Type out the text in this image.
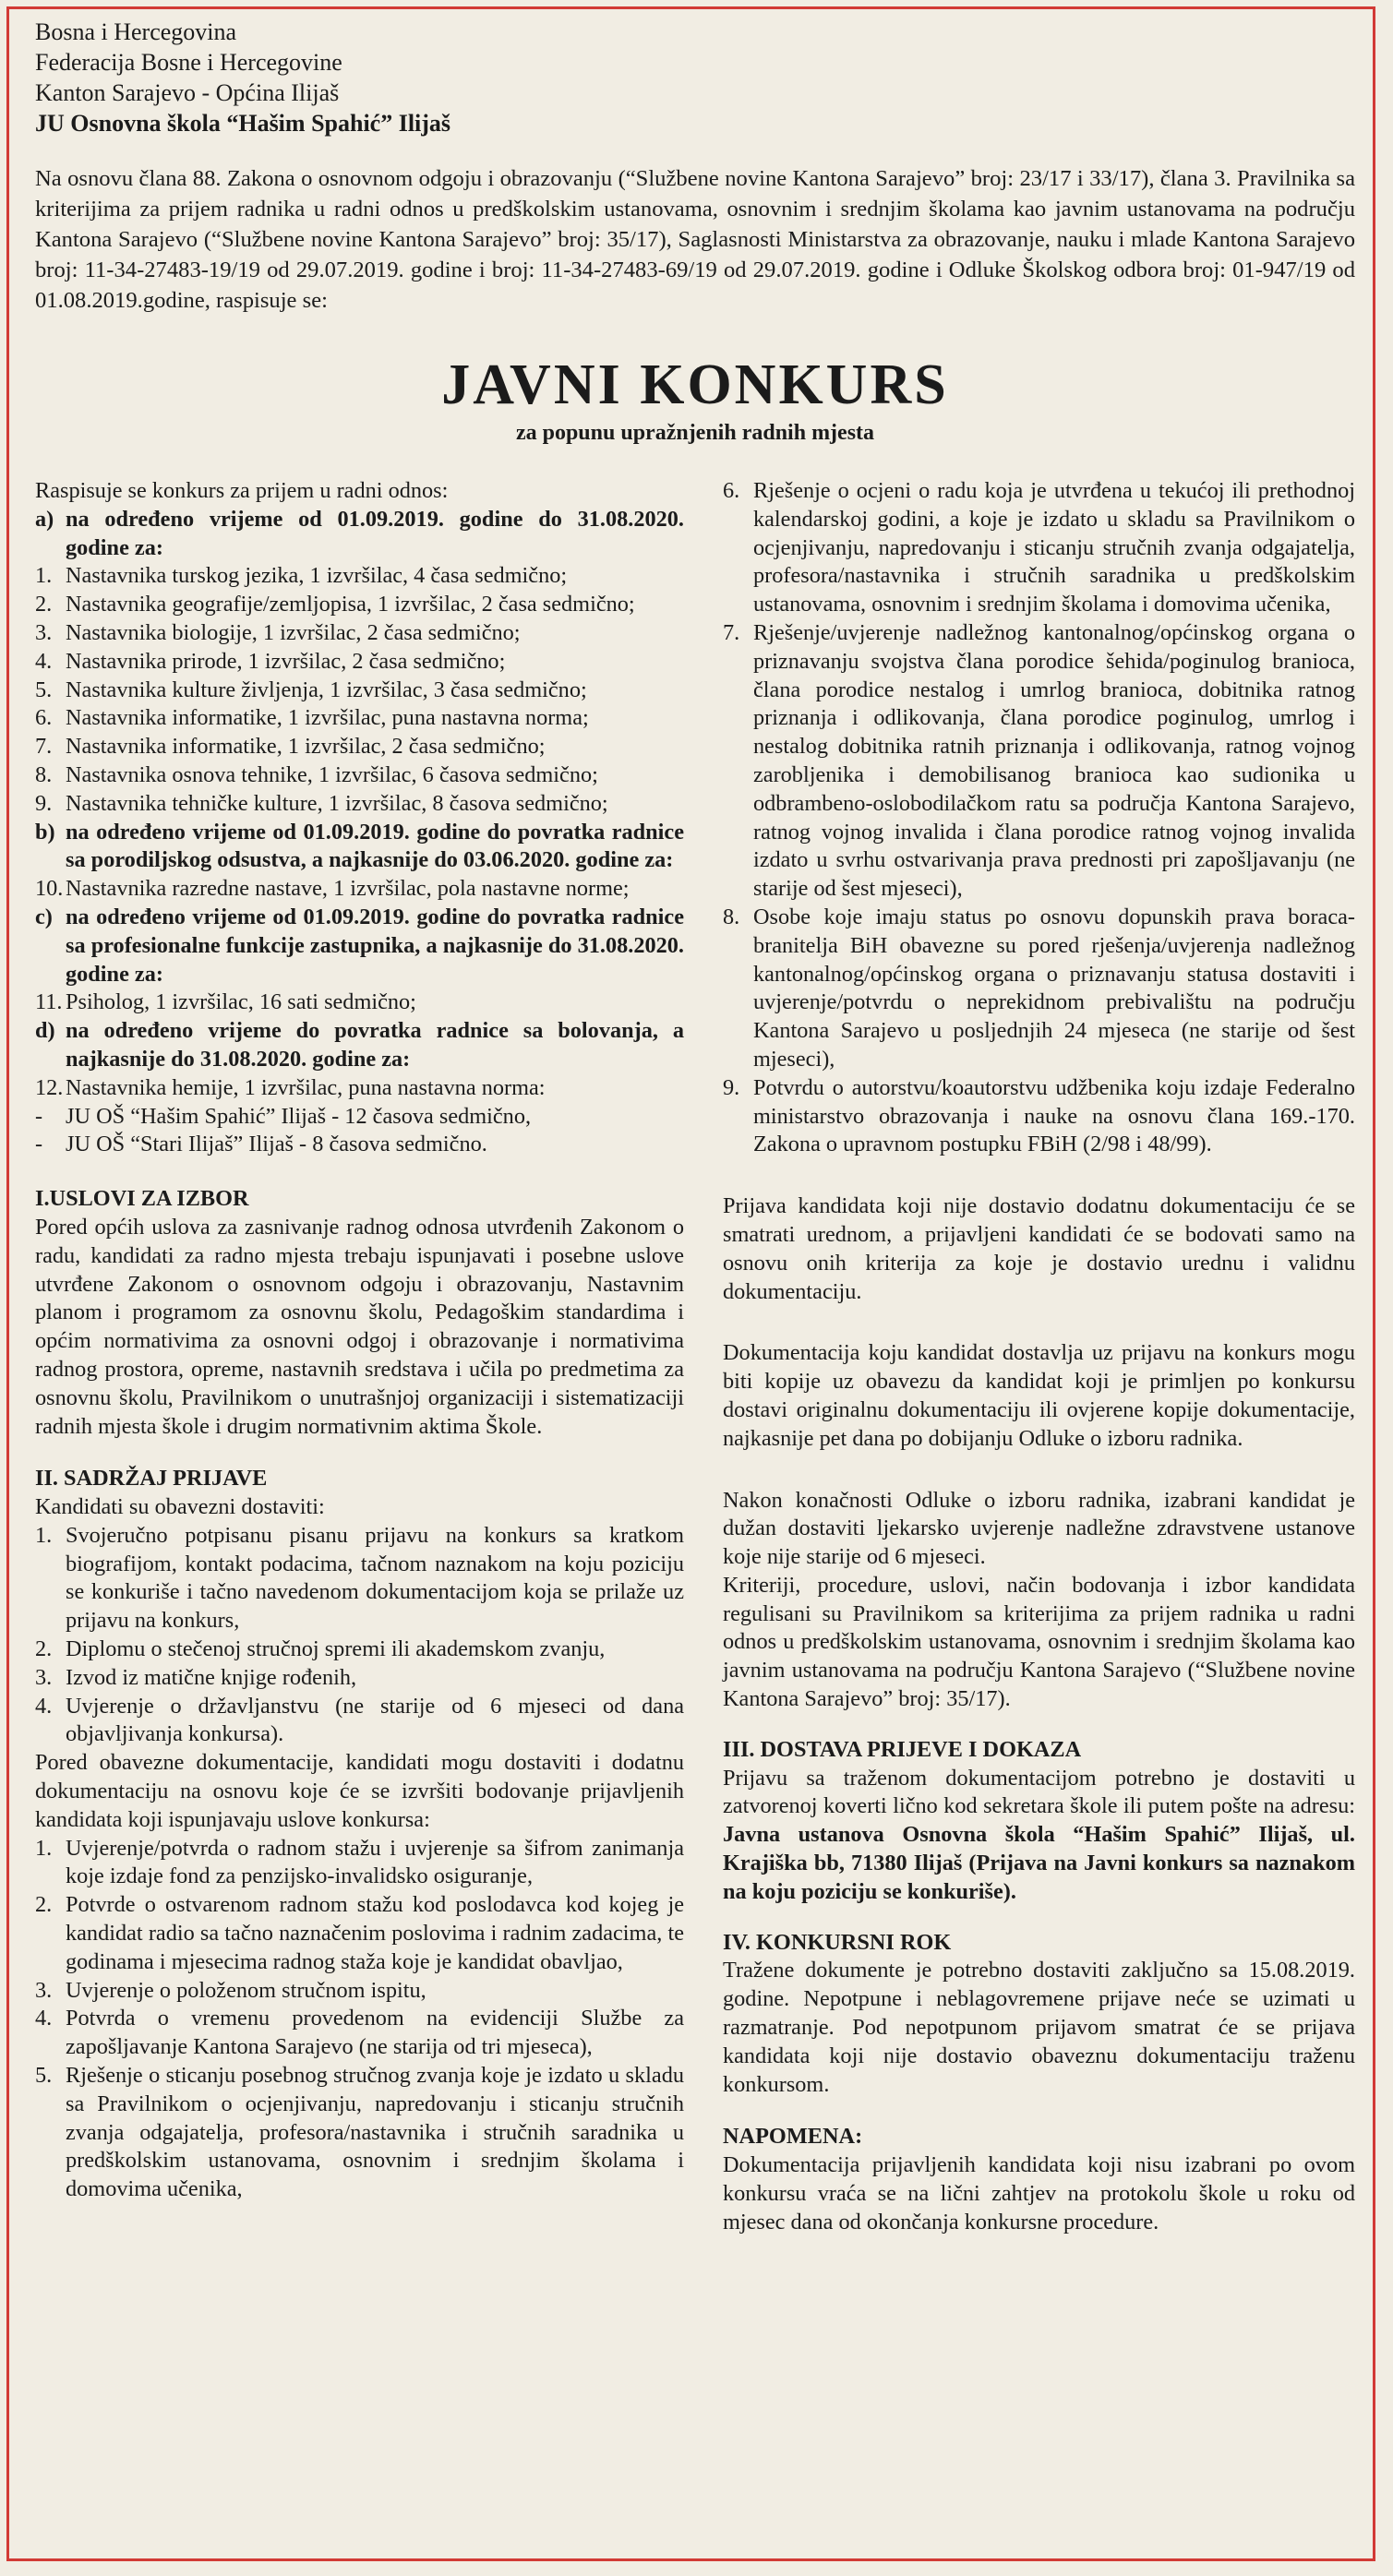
Bosna i Hercegovina
Federacija Bosne i Hercegovine
Kanton Sarajevo - Općina Ilijaš
JU Osnovna škola “Hašim Spahić” Ilijaš

Na osnovu člana 88. Zakona o osnovnom odgoju i obrazovanju (“Službene novine Kantona Sarajevo” broj: 23/17 i 33/17), člana 3. Pravilnika sa kriterijima za prijem radnika u radni odnos u predškolskim ustanovama, osnovnim i srednjim školama kao javnim ustanovama na području Kantona Sarajevo (“Službene novine Kantona Sarajevo” broj: 35/17), Saglasnosti Ministarstva za obrazovanje, nauku i mlade Kantona Sarajevo broj: 11-34-27483-19/19 od 29.07.2019. godine i broj: 11-34-27483-69/19 od 29.07.2019. godine i Odluke Školskog odbora broj: 01-947/19 od 01.08.2019.godine, raspisuje se:

JAVNI KONKURS
za popunu upražnjenih radnih mjesta

Raspisuje se konkurs za prijem u radni odnos:

a) na određeno vrijeme od 01.09.2019. godine do 31.08.2020. godine za:
1. Nastavnika turskog jezika, 1 izvršilac, 4 časa sedmično;
2. Nastavnika geografije/zemljopisa, 1 izvršilac, 2 časa sedmično;
3. Nastavnika biologije, 1 izvršilac, 2 časa sedmično;
4. Nastavnika prirode, 1 izvršilac, 2 časa sedmično;
5. Nastavnika kulture življenja, 1 izvršilac, 3 časa sedmično;
6. Nastavnika informatike, 1 izvršilac, puna nastavna norma;
7. Nastavnika informatike, 1 izvršilac, 2 časa sedmično;
8. Nastavnika osnova tehnike, 1 izvršilac, 6 časova sedmično;
9. Nastavnika tehničke kulture, 1 izvršilac, 8 časova sedmično;
b) na određeno vrijeme od 01.09.2019. godine do povratka radnice sa porodiljskog odsustva, a najkasnije do 03.06.2020. godine za:
10. Nastavnika razredne nastave, 1 izvršilac, pola nastavne norme;
c) na određeno vrijeme od 01.09.2019. godine do povratka radnice sa profesionalne funkcije zastupnika, a najkasnije do 31.08.2020. godine za:
11. Psiholog, 1 izvršilac, 16 sati sedmično;
d) na određeno vrijeme do povratka radnice sa bolovanja, a najkasnije do 31.08.2020. godine za:
12. Nastavnika hemije, 1 izvršilac, puna nastavna norma:
-	JU OŠ “Hašim Spahić” Ilijaš - 12 časova sedmično,
-	JU OŠ “Stari Ilijaš” Ilijaš - 8 časova sedmično.
I.USLOVI ZA IZBOR

Pored općih uslova za zasnivanje radnog odnosa utvrđenih Zakonom o radu, kandidati za radno mjesta trebaju ispunjavati i posebne uslove utvrđene Zakonom o osnovnom odgoju i obrazovanju, Nastavnim planom i programom za osnovnu školu, Pedagoškim standardima i općim normativima za osnovni odgoj i obrazovanje i normativima radnog prostora, opreme, nastavnih sredstava i učila po predmetima za osnovnu školu, Pravilnikom o unutrašnjoj organizaciji i sistematizaciji radnih mjesta škole i drugim normativnim aktima Škole.

II. SADRŽAJ PRIJAVE

Kandidati su obavezni dostaviti:

1. Svojeručno potpisanu pisanu prijavu na konkurs sa kratkom biografijom, kontakt podacima, tačnom naznakom na koju poziciju se konkuriše i tačno navedenom dokumentacijom koja se prilaže uz prijavu na konkurs,
2. Diplomu o stečenoj stručnoj spremi ili akademskom zvanju,
3. Izvod iz matične knjige rođenih,
4. Uvjerenje o državljanstvu (ne starije od 6 mjeseci od dana objavljivanja konkursa).

Pored obavezne dokumentacije, kandidati mogu dostaviti i dodatnu dokumentaciju na osnovu koje će se izvršiti bodovanje prijavljenih kandidata koji ispunjavaju uslove konkursa:

1. Uvjerenje/potvrda o radnom stažu i uvjerenje sa šifrom zanimanja koje izdaje fond za penzijsko-invalidsko osiguranje,
2. Potvrde o ostvarenom radnom stažu kod poslodavca kod kojeg je kandidat radio sa tačno naznačenim poslovima i radnim zadacima, te godinama i mjesecima radnog staža koje je kandidat obavljao,
3. Uvjerenje o položenom stručnom ispitu,
4. Potvrda o vremenu provedenom na evidenciji Službe za zapošljavanje Kantona Sarajevo (ne starija od tri mjeseca),
5. Rješenje o sticanju posebnog stručnog zvanja koje je izdato u skladu sa Pravilnikom o ocjenjivanju, napredovanju i sticanju stručnih zvanja odgajatelja, profesora/nastavnika i stručnih saradnika u predškolskim ustanovama, osnovnim i srednjim školama i domovima učenika,
6. Rješenje o ocjeni o radu koja je utvrđena u tekućoj ili prethodnoj kalendarskoj godini, a koje je izdato u skladu sa Pravilnikom o ocjenjivanju, napredovanju i sticanju stručnih zvanja odgajatelja, profesora/nastavnika i stručnih saradnika u predškolskim ustanovama, osnovnim i srednjim školama i domovima učenika,
7. Rješenje/uvjerenje nadležnog kantonalnog/općinskog organa o priznavanju svojstva člana porodice šehida/poginulog branioca, člana porodice nestalog i umrlog branioca, dobitnika ratnog priznanja i odlikovanja, člana porodice poginulog, umrlog i nestalog dobitnika ratnih priznanja i odlikovanja, ratnog vojnog zarobljenika i demobilisanog branioca kao sudionika u odbrambeno-oslobodilačkom ratu sa područja Kantona Sarajevo, ratnog vojnog invalida i člana porodice ratnog vojnog invalida izdato u svrhu ostvarivanja prava prednosti pri zapošljavanju (ne starije od šest mjeseci),
8. Osobe koje imaju status po osnovu dopunskih prava boraca-branitelja BiH obavezne su pored rješenja/uvjerenja nadležnog kantonalnog/općinskog organa o priznavanju statusa dostaviti i uvjerenje/potvrdu o neprekidnom prebivalištu na području Kantona Sarajevo u posljednjih 24 mjeseca (ne starije od šest mjeseci),
9. Potvrdu o autorstvu/koautorstvu udžbenika koju izdaje Federalno ministarstvo obrazovanja i nauke na osnovu člana 169.-170. Zakona o upravnom postupku FBiH (2/98 i 48/99).

Prijava kandidata koji nije dostavio dodatnu dokumentaciju će se smatrati urednom, a prijavljeni kandidati će se bodovati samo na osnovu onih kriterija za koje je dostavio urednu i validnu dokumentaciju.

Dokumentacija koju kandidat dostavlja uz prijavu na konkurs mogu biti kopije uz obavezu da kandidat koji je primljen po konkursu dostavi originalnu dokumentaciju ili ovjerene kopije dokumentacije, najkasnije pet dana po dobijanju Odluke o izboru radnika.

Nakon konačnosti Odluke o izboru radnika, izabrani kandidat je dužan dostaviti ljekarsko uvjerenje nadležne zdravstvene ustanove koje nije starije od 6 mjeseci.

Kriteriji, procedure, uslovi, način bodovanja i izbor kandidata regulisani su Pravilnikom sa kriterijima za prijem radnika u radni odnos u predškolskim ustanovama, osnovnim i srednjim školama kao javnim ustanovama na području Kantona Sarajevo (“Službene novine Kantona Sarajevo” broj: 35/17).

III. DOSTAVA PRIJEVE I DOKAZA

Prijavu sa traženom dokumentacijom potrebno je dostaviti u zatvorenoj koverti lično kod sekretara škole ili putem pošte na adresu: Javna ustanova Osnovna škola “Hašim Spahić” Ilijaš, ul. Krajiška bb, 71380 Ilijaš (Prijava na Javni konkurs sa naznakom na koju poziciju se konkuriše).

IV. KONKURSNI ROK

Tražene dokumente je potrebno dostaviti zaključno sa 15.08.2019. godine. Nepotpune i neblagovremene prijave neće se uzimati u razmatranje. Pod nepotpunom prijavom smatrat će se prijava kandidata koji nije dostavio obaveznu dokumentaciju traženu konkursom.

NAPOMENA:

Dokumentacija prijavljenih kandidata koji nisu izabrani po ovom konkursu vraća se na lični zahtjev na protokolu škole u roku od mjesec dana od okončanja konkursne procedure.
